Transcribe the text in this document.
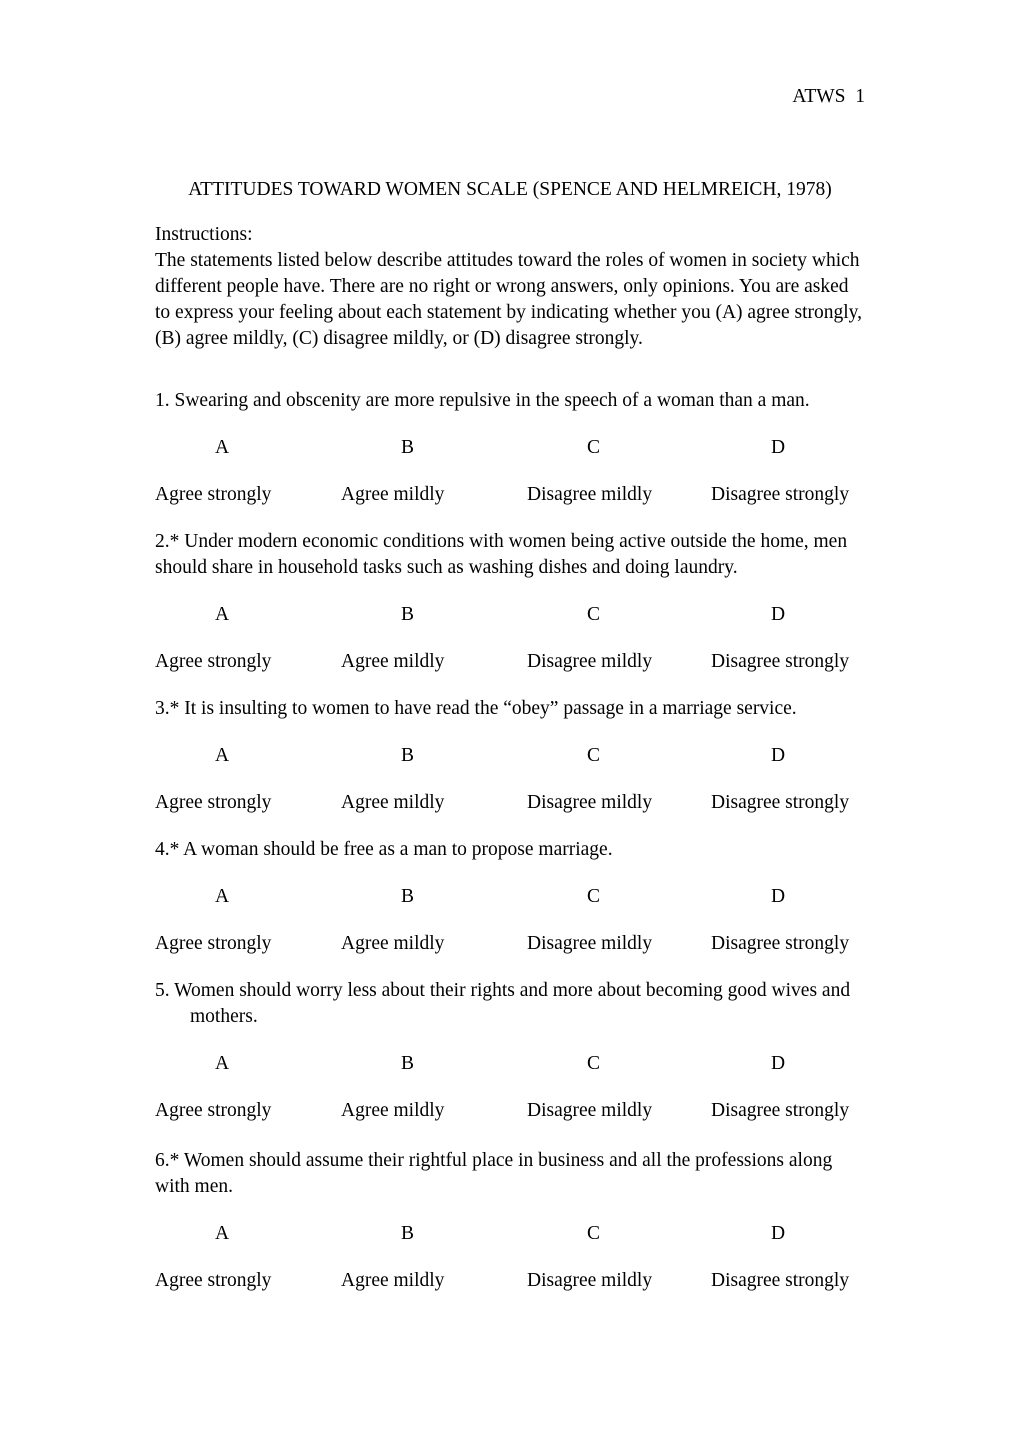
ATWS  1

ATTITUDES TOWARD WOMEN SCALE (SPENCE AND HELMREICH, 1978)
Instructions:
The statements listed below describe attitudes toward the roles of women in society which different people have. There are no right or wrong answers, only opinions. You are asked to express your feeling about each statement by indicating whether you (A) agree strongly, (B) agree mildly, (C) disagree mildly, or (D) disagree strongly.

1. Swearing and obscenity are more repulsive in the speech of a woman than a man.

A	B	C	D
Agree strongly	Agree mildly	Disagree mildly	Disagree strongly

2.* Under modern economic conditions with women being active outside the home, men should share in household tasks such as washing dishes and doing laundry.

A	B	C	D
Agree strongly	Agree mildly	Disagree mildly	Disagree strongly

3.* It is insulting to women to have read the “obey” passage in a marriage service.

A	B	C	D
Agree strongly	Agree mildly	Disagree mildly	Disagree strongly

4.* A woman should be free as a man to propose marriage.

A	B	C	D
Agree strongly	Agree mildly	Disagree mildly	Disagree strongly

5. Women should worry less about their rights and more about becoming good wives and mothers.

A	B	C	D
Agree strongly	Agree mildly	Disagree mildly	Disagree strongly

6.* Women should assume their rightful place in business and all the professions along with men.

A	B	C	D
Agree strongly	Agree mildly	Disagree mildly	Disagree strongly
